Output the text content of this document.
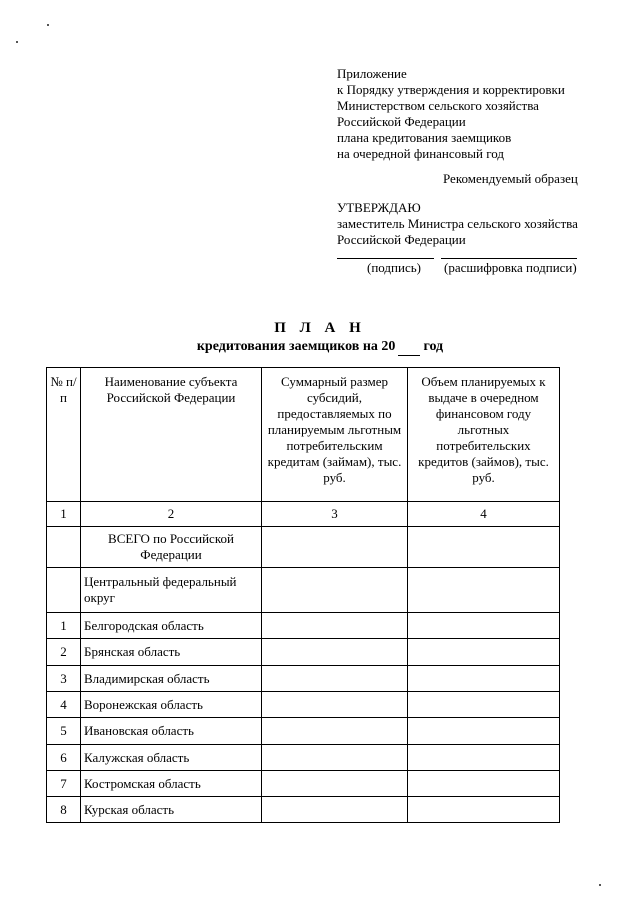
Приложение
к Порядку утверждения и корректировки
Министерством сельского хозяйства
Российской Федерации
плана кредитования заемщиков
на очередной финансовый год
Рекомендуемый образец
УТВЕРЖДАЮ
заместитель Министра сельского хозяйства
Российской Федерации
(подпись) (расшифровка подписи)
П Л А Н
кредитования заемщиков на 20 год
№ п/п	Наименование субъекта Российской Федерации	Суммарный размер субсидий, предоставляемых по планируемым льготным потребительским кредитам (займам), тыс. руб.	Объем планируемых к выдаче в очередном финансовом году льготных потребительских кредитов (займов), тыс. руб.
1	2	3	4
	ВСЕГО по Российской Федерации		
	Центральный федеральный округ		
1	Белгородская область		
2	Брянская область		
3	Владимирская область		
4	Воронежская область		
5	Ивановская область		
6	Калужская область		
7	Костромская область		
8	Курская область		
